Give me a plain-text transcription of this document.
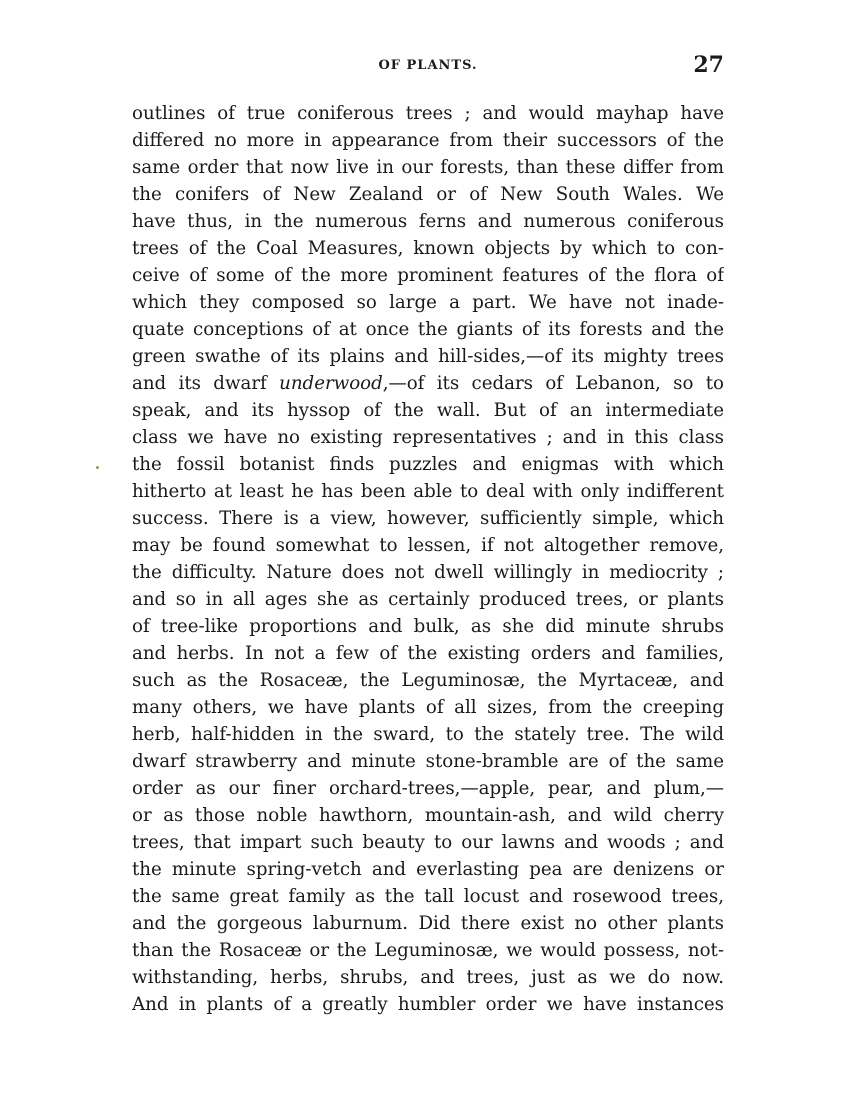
OF PLANTS.	27
outlines of true coniferous trees ; and would mayhap have
differed no more in appearance from their successors of the
same order that now live in our forests, than these differ from
the conifers of New Zealand or of New South Wales. We
have thus, in the numerous ferns and numerous coniferous
trees of the Coal Measures, known objects by which to con-
ceive of some of the more prominent features of the flora of
which they composed so large a part. We have not inade-
quate conceptions of at once the giants of its forests and the
green swathe of its plains and hill-sides,—of its mighty trees
and its dwarf underwood,—of its cedars of Lebanon, so to
speak, and its hyssop of the wall. But of an intermediate
class we have no existing representatives ; and in this class
the fossil botanist finds puzzles and enigmas with which
hitherto at least he has been able to deal with only indifferent
success. There is a view, however, sufficiently simple, which
may be found somewhat to lessen, if not altogether remove,
the difficulty. Nature does not dwell willingly in mediocrity ;
and so in all ages she as certainly produced trees, or plants
of tree-like proportions and bulk, as she did minute shrubs
and herbs. In not a few of the existing orders and families,
such as the Rosaceæ, the Leguminosæ, the Myrtaceæ, and
many others, we have plants of all sizes, from the creeping
herb, half-hidden in the sward, to the stately tree. The wild
dwarf strawberry and minute stone-bramble are of the same
order as our finer orchard-trees,—apple, pear, and plum,—
or as those noble hawthorn, mountain-ash, and wild cherry
trees, that impart such beauty to our lawns and woods ; and
the minute spring-vetch and everlasting pea are denizens or
the same great family as the tall locust and rosewood trees,
and the gorgeous laburnum. Did there exist no other plants
than the Rosaceæ or the Leguminosæ, we would possess, not-
withstanding, herbs, shrubs, and trees, just as we do now.
And in plants of a greatly humbler order we have instances
